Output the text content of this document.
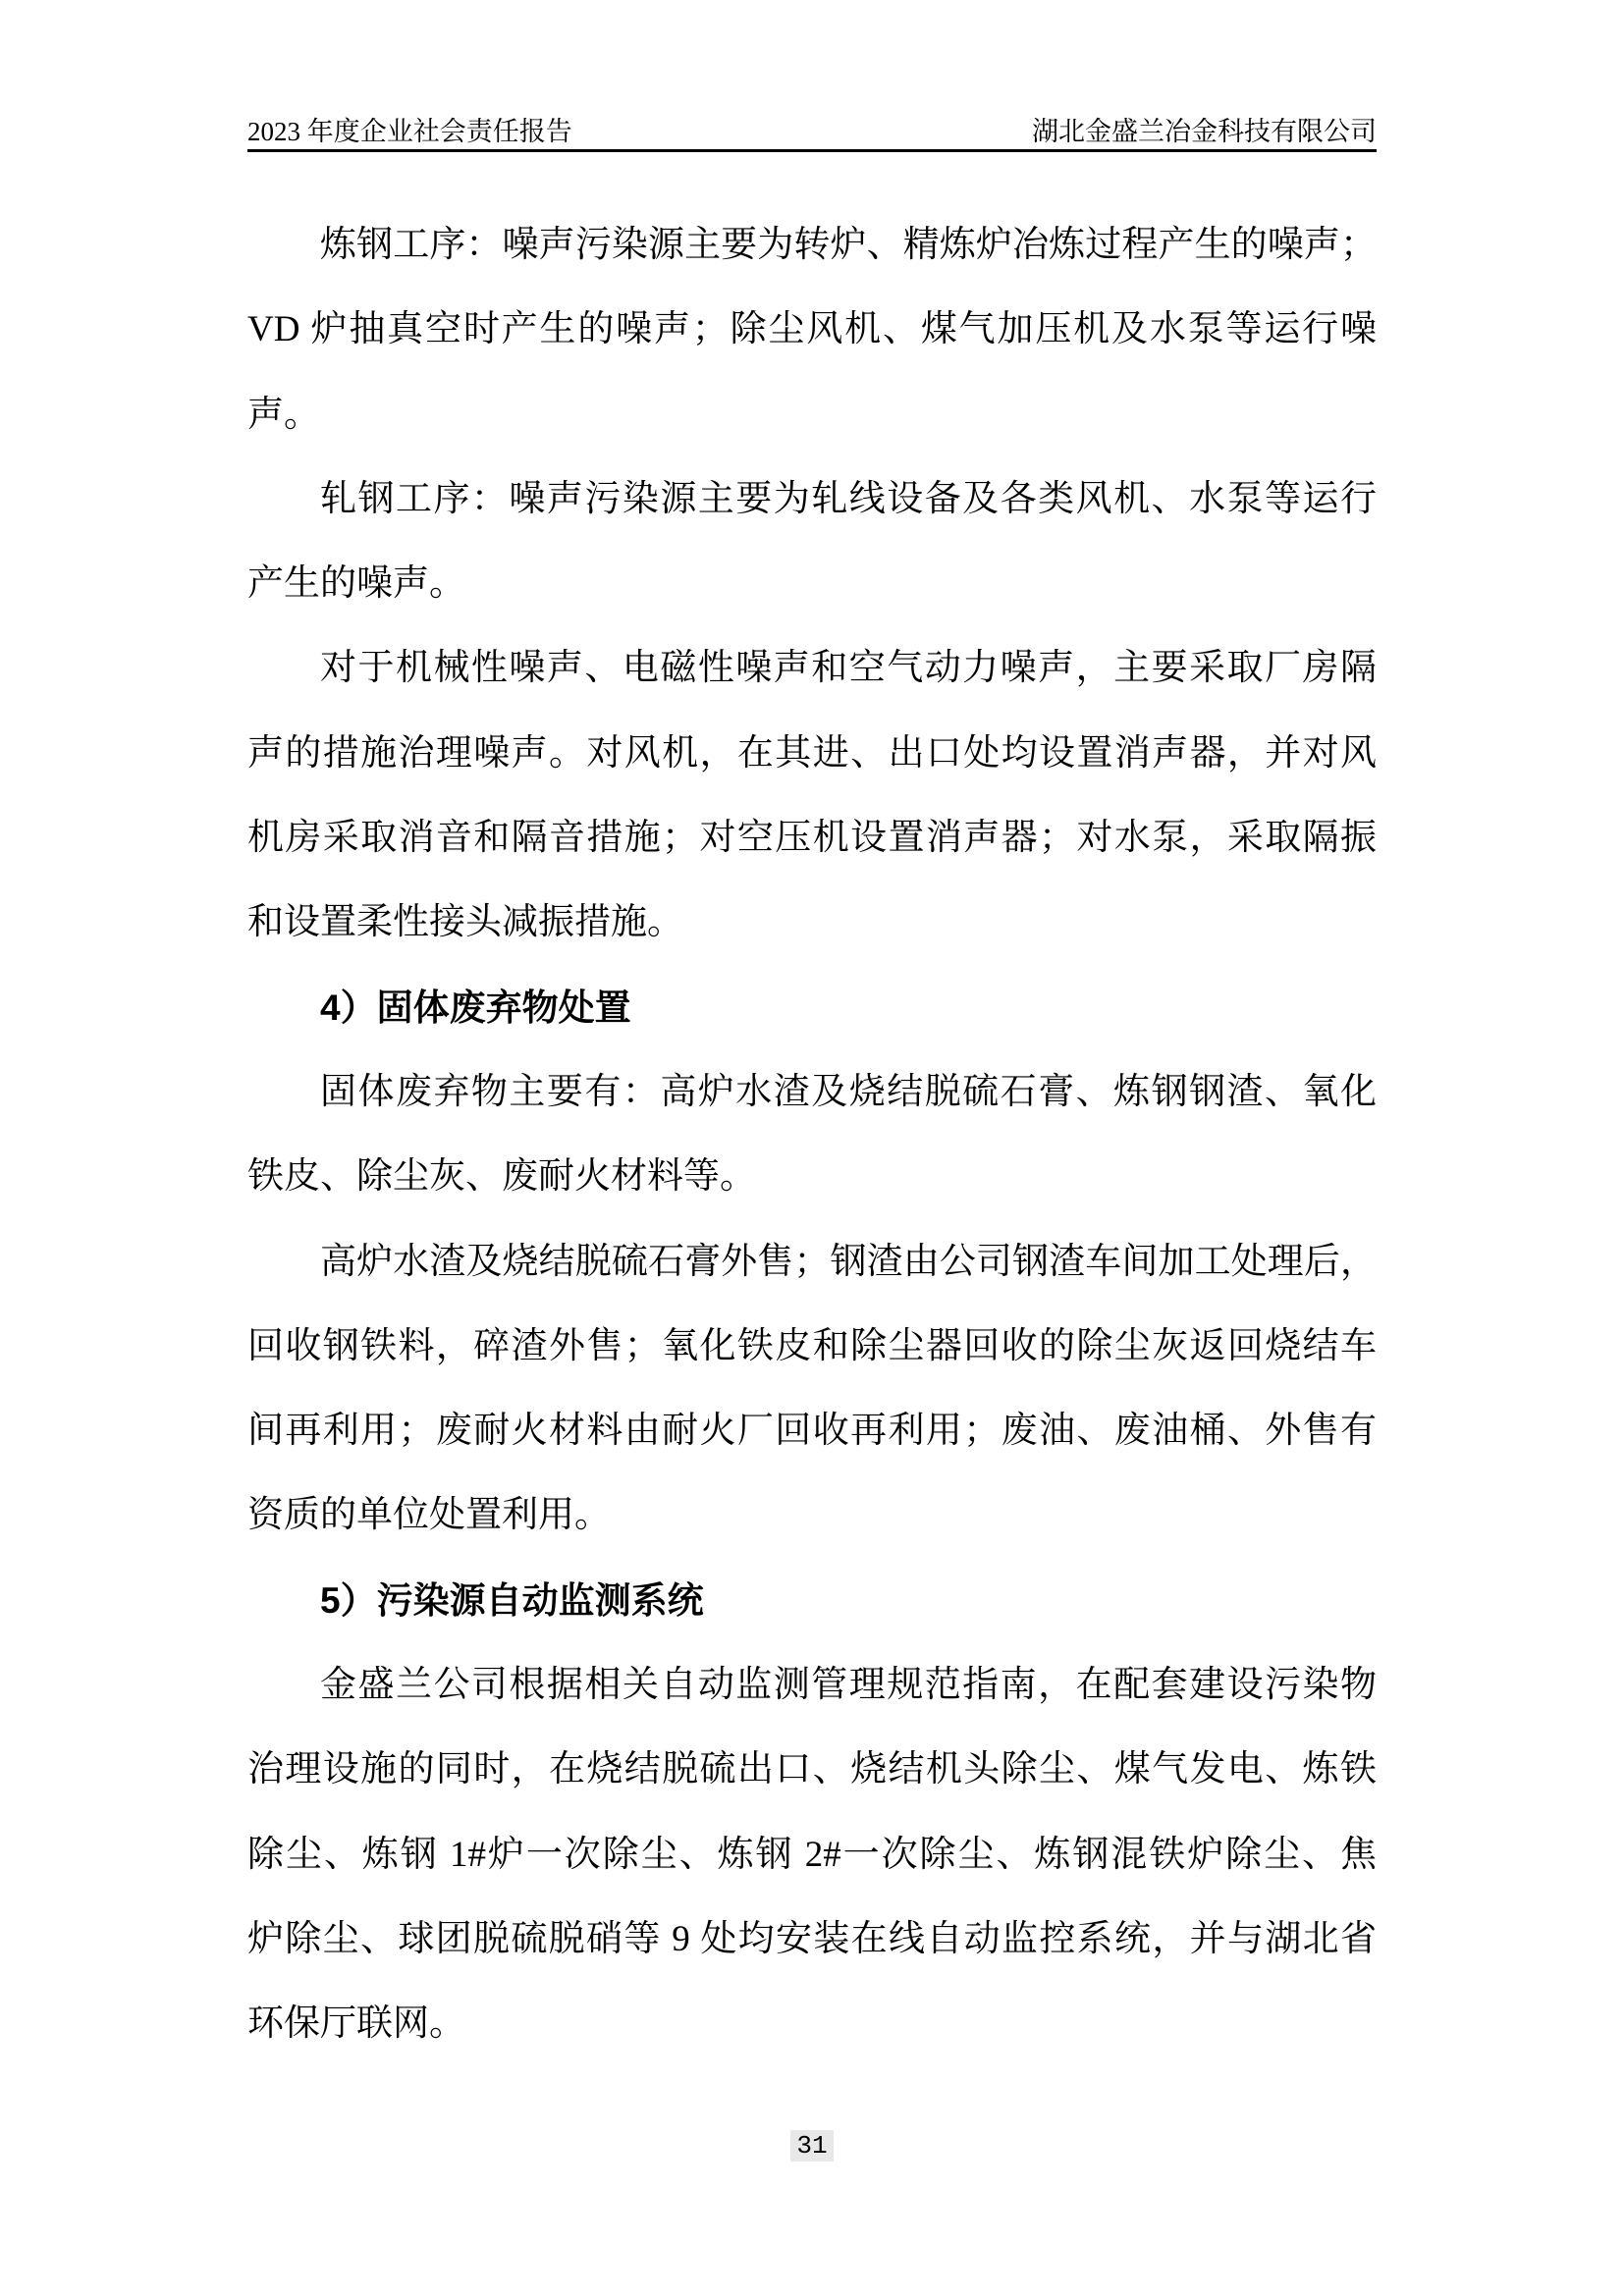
2023 年度企业社会责任报告	湖北金盛兰冶金科技有限公司
炼钢工序：噪声污染源主要为转炉、精炼炉冶炼过程产生的噪声；
VD 炉抽真空时产生的噪声；除尘风机、煤气加压机及水泵等运行噪
声。
轧钢工序：噪声污染源主要为轧线设备及各类风机、水泵等运行
产生的噪声。
对于机械性噪声、电磁性噪声和空气动力噪声，主要采取厂房隔
声的措施治理噪声。对风机，在其进、出口处均设置消声器，并对风
机房采取消音和隔音措施；对空压机设置消声器；对水泵，采取隔振
和设置柔性接头减振措施。
4）固体废弃物处置
固体废弃物主要有：高炉水渣及烧结脱硫石膏、炼钢钢渣、氧化
铁皮、除尘灰、废耐火材料等。
高炉水渣及烧结脱硫石膏外售；钢渣由公司钢渣车间加工处理后，
回收钢铁料，碎渣外售；氧化铁皮和除尘器回收的除尘灰返回烧结车
间再利用；废耐火材料由耐火厂回收再利用；废油、废油桶、外售有
资质的单位处置利用。
5）污染源自动监测系统
金盛兰公司根据相关自动监测管理规范指南，在配套建设污染物
治理设施的同时，在烧结脱硫出口、烧结机头除尘、煤气发电、炼铁
除尘、炼钢 1#炉一次除尘、炼钢 2#一次除尘、炼钢混铁炉除尘、焦
炉除尘、球团脱硫脱硝等 9 处均安装在线自动监控系统，并与湖北省
环保厅联网。
31
